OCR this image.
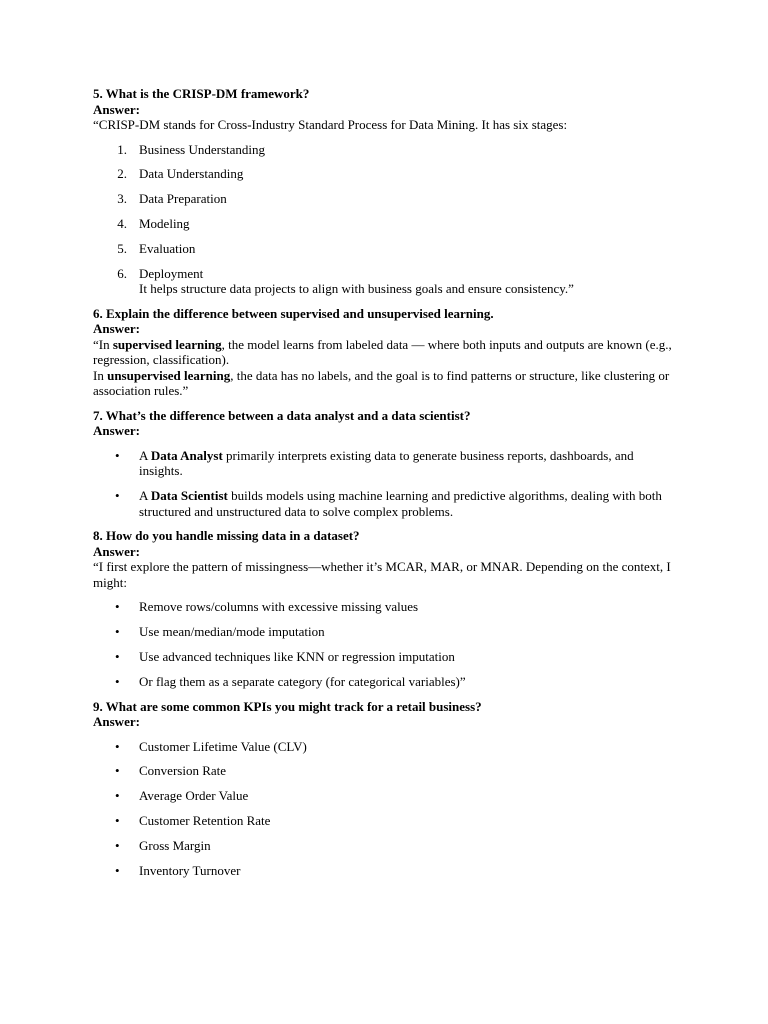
5. What is the CRISP-DM framework?

Answer:

“CRISP-DM stands for Cross-Industry Standard Process for Data Mining. It has six stages:

1. Business Understanding
2. Data Understanding
3. Data Preparation
4. Modeling
5. Evaluation
6. Deployment
It helps structure data projects to align with business goals and ensure consistency.”

6. Explain the difference between supervised and unsupervised learning.

Answer:

“In supervised learning, the model learns from labeled data — where both inputs and outputs are known (e.g., regression, classification).

In unsupervised learning, the data has no labels, and the goal is to find patterns or structure, like clustering or association rules.”

7. What’s the difference between a data analyst and a data scientist?

Answer:

• A Data Analyst primarily interprets existing data to generate business reports, dashboards, and insights.
• A Data Scientist builds models using machine learning and predictive algorithms, dealing with both structured and unstructured data to solve complex problems.

8. How do you handle missing data in a dataset?

Answer:

“I first explore the pattern of missingness—whether it’s MCAR, MAR, or MNAR. Depending on the context, I might:

• Remove rows/columns with excessive missing values
• Use mean/median/mode imputation
• Use advanced techniques like KNN or regression imputation
• Or flag them as a separate category (for categorical variables)”

9. What are some common KPIs you might track for a retail business?

Answer:

• Customer Lifetime Value (CLV)
• Conversion Rate
• Average Order Value
• Customer Retention Rate
• Gross Margin
• Inventory Turnover
